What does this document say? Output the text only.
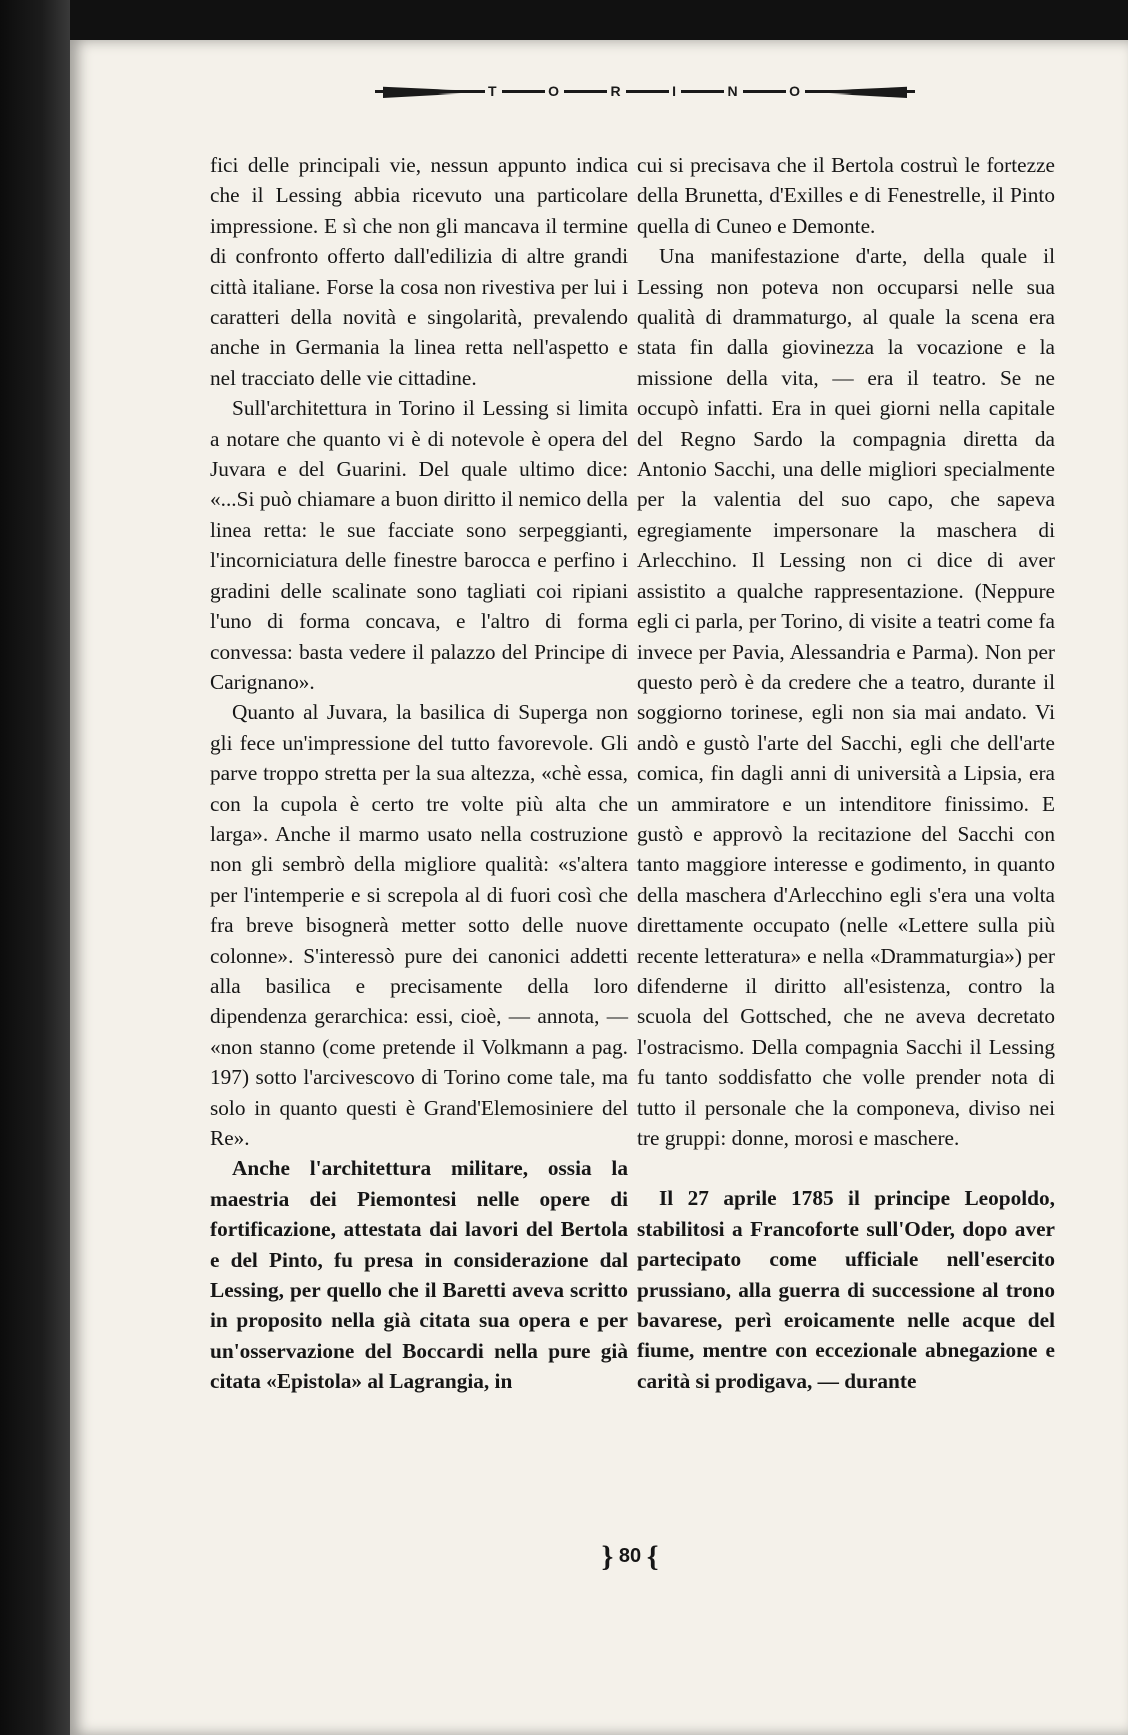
T	O	R	I	N	O

fici delle principali vie, nessun appunto indica che il Lessing abbia ricevuto una particolare impressione. E sì che non gli mancava il termine di confronto offerto dall'edilizia di altre grandi città italiane. Forse la cosa non rivestiva per lui i caratteri della novità e singolarità, prevalendo anche in Germania la linea retta nell'aspetto e nel tracciato delle vie cittadine.

Sull'architettura in Torino il Lessing si limita a notare che quanto vi è di notevole è opera del Juvara e del Guarini. Del quale ultimo dice: «...Si può chiamare a buon diritto il nemico della linea retta: le sue facciate sono serpeggianti, l'incorniciatura delle finestre barocca e perfino i gradini delle scalinate sono tagliati coi ripiani l'uno di forma concava, e l'altro di forma convessa: basta vedere il palazzo del Principe di Carignano».

Quanto al Juvara, la basilica di Superga non gli fece un'impressione del tutto favorevole. Gli parve troppo stretta per la sua altezza, «chè essa, con la cupola è certo tre volte più alta che larga». Anche il marmo usato nella costruzione non gli sembrò della migliore qualità: «s'altera per l'intemperie e si screpola al di fuori così che fra breve bisognerà metter sotto delle nuove colonne». S'interessò pure dei canonici addetti alla basilica e precisamente della loro dipendenza gerarchica: essi, cioè, — annota, — «non stanno (come pretende il Volkmann a pag. 197) sotto l'arcivescovo di Torino come tale, ma solo in quanto questi è Grand'Elemosiniere del Re».

Anche l'architettura militare, ossia la maestria dei Piemontesi nelle opere di fortificazione, attestata dai lavori del Bertola e del Pinto, fu presa in considerazione dal Lessing, per quello che il Baretti aveva scritto in proposito nella già citata sua opera e per un'osservazione del Boccardi nella pure già citata «Epistola» al Lagrangia, in

cui si precisava che il Bertola costruì le fortezze della Brunetta, d'Exilles e di Fenestrelle, il Pinto quella di Cuneo e Demonte.

Una manifestazione d'arte, della quale il Lessing non poteva non occuparsi nelle sua qualità di drammaturgo, al quale la scena era stata fin dalla giovinezza la vocazione e la missione della vita, — era il teatro. Se ne occupò infatti. Era in quei giorni nella capitale del Regno Sardo la compagnia diretta da Antonio Sacchi, una delle migliori specialmente per la valentia del suo capo, che sapeva egregiamente impersonare la maschera di Arlecchino. Il Lessing non ci dice di aver assistito a qualche rappresentazione. (Neppure egli ci parla, per Torino, di visite a teatri come fa invece per Pavia, Alessandria e Parma). Non per questo però è da credere che a teatro, durante il soggiorno torinese, egli non sia mai andato. Vi andò e gustò l'arte del Sacchi, egli che dell'arte comica, fin dagli anni di università a Lipsia, era un ammiratore e un intenditore finissimo. E gustò e approvò la recitazione del Sacchi con tanto maggiore interesse e godimento, in quanto della maschera d'Arlecchino egli s'era una volta direttamente occupato (nelle «Lettere sulla più recente letteratura» e nella «Drammaturgia») per difenderne il diritto all'esistenza, contro la scuola del Gottsched, che ne aveva decretato l'ostracismo. Della compagnia Sacchi il Lessing fu tanto soddisfatto che volle prender nota di tutto il personale che la componeva, diviso nei tre gruppi: donne, morosi e maschere.

Il 27 aprile 1785 il principe Leopoldo, stabilitosi a Francoforte sull'Oder, dopo aver partecipato come ufficiale nell'esercito prussiano, alla guerra di successione al trono bavarese, perì eroicamente nelle acque del fiume, mentre con eccezionale abnegazione e carità si prodigava, — durante

} 80 {
